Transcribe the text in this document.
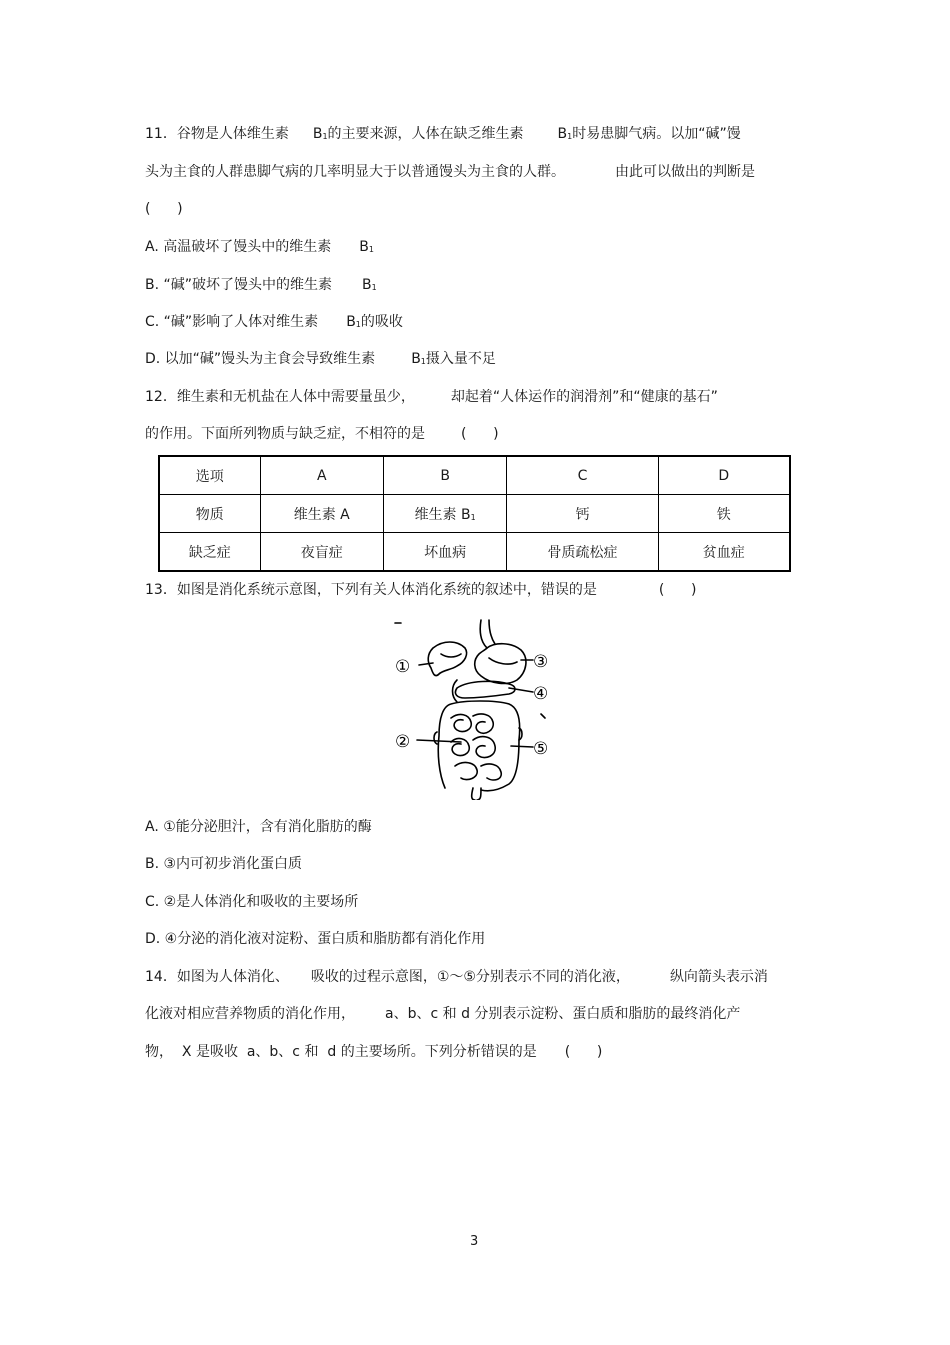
11．谷物是人体维生素 $B_1$的主要来源，人体在缺乏维生素 $B_1$时易患脚气病。以加“碱”馒
头为主食的人群患脚气病的几率明显大于以普通馒头为主食的人群。	由此可以做出的判断是
(      )
A. 高温破坏了馒头中的维生素 $B_1$
B. “碱”破坏了馒头中的维生素 $B_1$
C. “碱”影响了人体对维生素 $B_1$的吸收
D. 以加“碱”馒头为主食会导致维生素	$B_1$摄入量不足
12．维生素和无机盐在人体中需要量虽少，	却起着“人体运作的润滑剂”和“健康的基石”
的作用。下面所列物质与缺乏症，不相符的是	(      )
选项	A	B	C	D
物质	维生素 A	维生素 $B_1$	钙	铁
缺乏症	夜盲症	坏血病	骨质疏松症	贫血症
13．如图是消化系统示意图，下列有关人体消化系统的叙述中，错误的是	(      )
①
②
③
④
⑤
A. ①能分泌胆汁，含有消化脂肪的酶
B. ③内可初步消化蛋白质
C. ②是人体消化和吸收的主要场所
D. ④分泌的消化液对淀粉、蛋白质和脂肪都有消化作用
14．如图为人体消化、 吸收的过程示意图，①～⑤分别表示不同的消化液，	纵向箭头表示消
化液对相应营养物质的消化作用， a、b、c 和 d 分别表示淀粉、蛋白质和脂肪的最终消化产
物，  X 是吸收  a、b、c 和  d 的主要场所。下列分析错误的是 (      )
3
